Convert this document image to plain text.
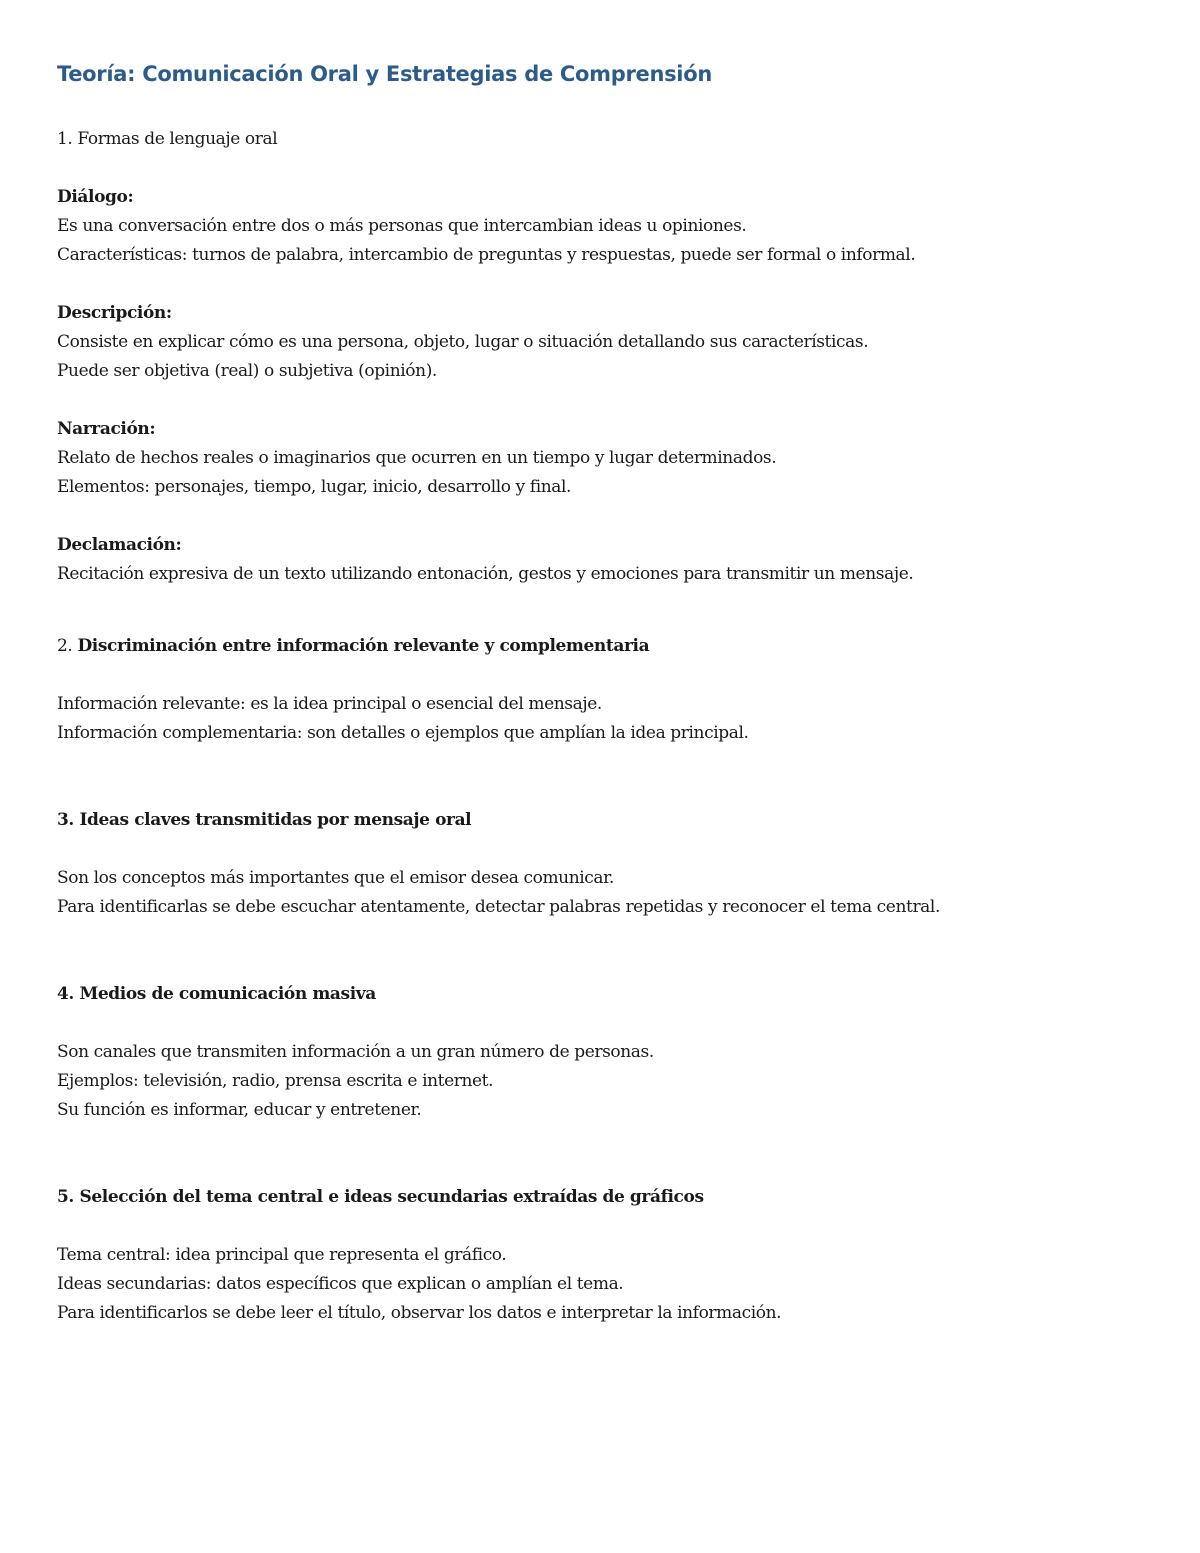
Teoría: Comunicación Oral y Estrategias de Comprensión

1. Formas de lenguaje oral

Diálogo:

Es una conversación entre dos o más personas que intercambian ideas u opiniones.

Características: turnos de palabra, intercambio de preguntas y respuestas, puede ser formal o informal.

Descripción:

Consiste en explicar cómo es una persona, objeto, lugar o situación detallando sus características.

Puede ser objetiva (real) o subjetiva (opinión).

Narración:

Relato de hechos reales o imaginarios que ocurren en un tiempo y lugar determinados.

Elementos: personajes, tiempo, lugar, inicio, desarrollo y final.

Declamación:

Recitación expresiva de un texto utilizando entonación, gestos y emociones para transmitir un mensaje.

2. Discriminación entre información relevante y complementaria

Información relevante: es la idea principal o esencial del mensaje.

Información complementaria: son detalles o ejemplos que amplían la idea principal.

3. Ideas claves transmitidas por mensaje oral

Son los conceptos más importantes que el emisor desea comunicar.

Para identificarlas se debe escuchar atentamente, detectar palabras repetidas y reconocer el tema central.

4. Medios de comunicación masiva

Son canales que transmiten información a un gran número de personas.

Ejemplos: televisión, radio, prensa escrita e internet.

Su función es informar, educar y entretener.

5. Selección del tema central e ideas secundarias extraídas de gráficos

Tema central: idea principal que representa el gráfico.

Ideas secundarias: datos específicos que explican o amplían el tema.

Para identificarlos se debe leer el título, observar los datos e interpretar la información.
